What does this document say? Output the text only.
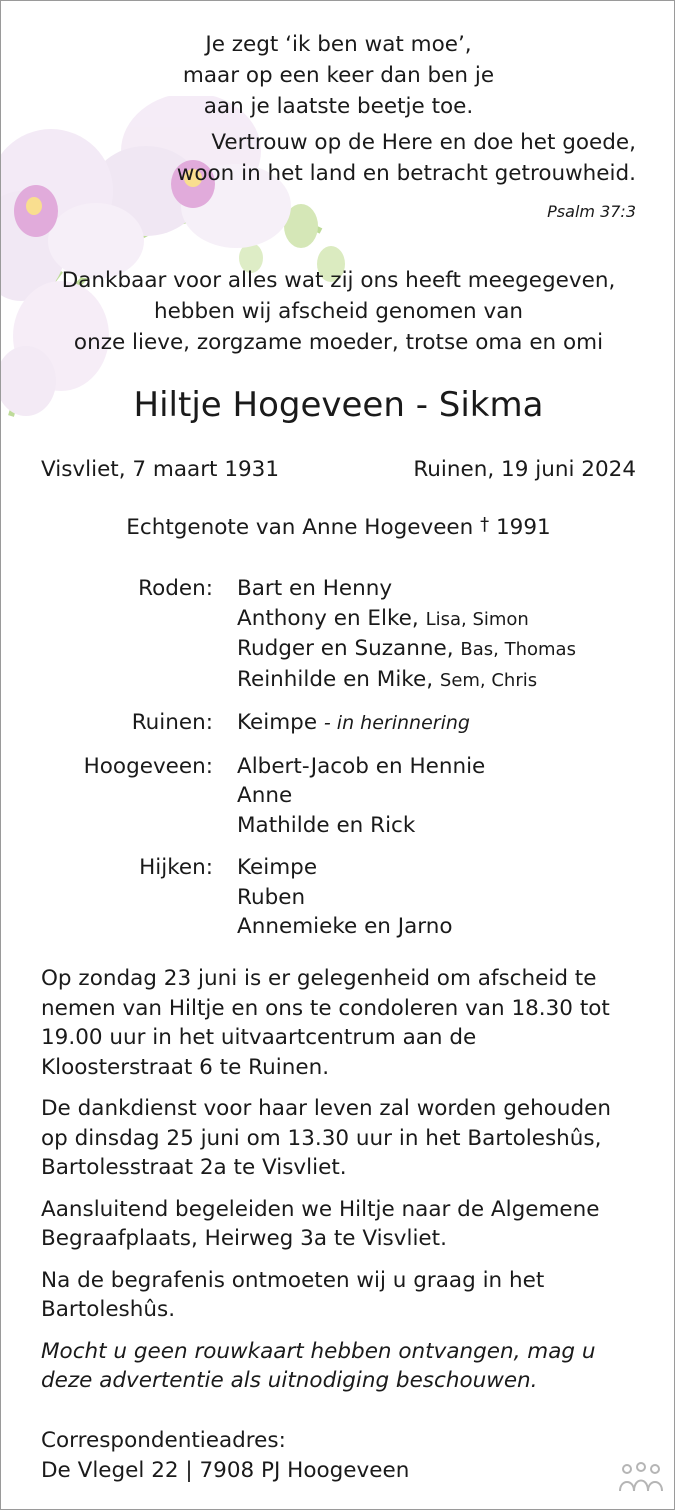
Je zegt ‘ik ben wat moe’,
maar op een keer dan ben je
aan je laatste beetje toe.
Vertrouw op de Here en doe het goede,
woon in het land en betracht getrouwheid.
Psalm 37:3
Dankbaar voor alles wat zij ons heeft meegegeven,
hebben wij afscheid genomen van
onze lieve, zorgzame moeder, trotse oma en omi
Hiltje Hogeveen - Sikma
Visvliet, 7 maart 1931	Ruinen, 19 juni 2024
Echtgenote van Anne Hogeveen † 1991
Roden:	Bart en Henny
Anthony en Elke, Lisa, Simon
Rudger en Suzanne, Bas, Thomas
Reinhilde en Mike, Sem, Chris
Ruinen:	Keimpe - in herinnering
Hoogeveen:	Albert-Jacob en Hennie
Anne
Mathilde en Rick
Hijken:	Keimpe
Ruben
Annemieke en Jarno

Op zondag 23 juni is er gelegenheid om afscheid te
nemen van Hiltje en ons te condoleren van 18.30 tot
19.00 uur in het uitvaartcentrum aan de
Kloosterstraat 6 te Ruinen.

De dankdienst voor haar leven zal worden gehouden
op dinsdag 25 juni om 13.30 uur in het Bartoleshûs,
Bartolesstraat 2a te Visvliet.

Aansluitend begeleiden we Hiltje naar de Algemene
Begraafplaats, Heirweg 3a te Visvliet.

Na de begrafenis ontmoeten wij u graag in het
Bartoleshûs.

Mocht u geen rouwkaart hebben ontvangen, mag u
deze advertentie als uitnodiging beschouwen.

Correspondentieadres:
De Vlegel 22 | 7908 PJ Hoogeveen
